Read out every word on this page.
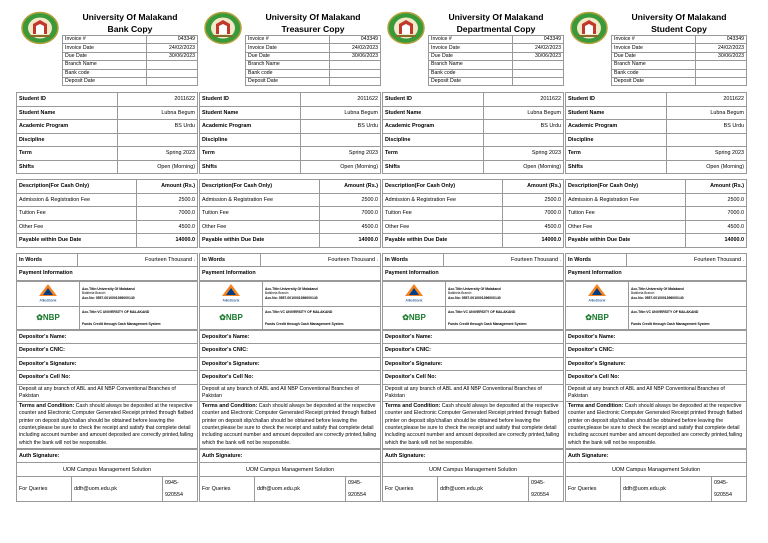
University Of Malakand
Bank Copy
Invoice #	043349
Invoice Date	24/02/2023
Due Date	30/06/2023
Branch Name	
Bank code	
Deposit Date	
Student ID	2011622
Student Name	Lubna Begum
Academic Program	BS Urdu
Discipline	
Term	Spring 2023
Shifts	Open (Morning)
Description(For Cash Only)	Amount (Rs.)
Admission & Registration Fee	2500.0
Tuition Fee	7000.0
Other Fee	4500.0
Payable within Due Date	14000.0
In Words	Fourteen Thousand .
Payment Information
AlliedBank	Acc.Title:University Of Malakand
Batkhela Branch
Acc.No: 0557-0010001396000140

✿NBP	Acc.Title:VC UNIVERSITY OF MALAKAND

Funds Credit through Cash Management System
Depositor's Name:
Depositor's CNIC:
Depositor's Signature:
Depositor's Cell No:
Deposit at any branch of ABL and All NBP Conventional Branches of Pakistan
Terms and Condition: Cash should always be deposited at the respective counter and Electronic Computer Generated Receipt printed through flatbed printer on deposit slip/challan should be obtained before leaving the counter,please be sure to check the receipt and satisfy that complete detail including account number and amount deposited are correctly printed,failing which the bank will not be responsible.
Auth Signature:
UOM Campus Management Solution
For Queries	ddfr@uom.edu.pk	0945-920554
University Of Malakand
Treasurer Copy
Invoice #	043349
Invoice Date	24/02/2023
Due Date	30/06/2023
Branch Name	
Bank code	
Deposit Date	
Student ID	2011622
Student Name	Lubna Begum
Academic Program	BS Urdu
Discipline	
Term	Spring 2023
Shifts	Open (Morning)
Description(For Cash Only)	Amount (Rs.)
Admission & Registration Fee	2500.0
Tuition Fee	7000.0
Other Fee	4500.0
Payable within Due Date	14000.0
In Words	Fourteen Thousand .
Payment Information
AlliedBank	Acc.Title:University Of Malakand
Batkhela Branch
Acc.No: 0557-0010001396000140

✿NBP	Acc.Title:VC UNIVERSITY OF MALAKAND

Funds Credit through Cash Management System
Depositor's Name:
Depositor's CNIC:
Depositor's Signature:
Depositor's Cell No:
Deposit at any branch of ABL and All NBP Conventional Branches of Pakistan
Terms and Condition: Cash should always be deposited at the respective counter and Electronic Computer Generated Receipt printed through flatbed printer on deposit slip/challan should be obtained before leaving the counter,please be sure to check the receipt and satisfy that complete detail including account number and amount deposited are correctly printed,failing which the bank will not be responsible.
Auth Signature:
UOM Campus Management Solution
For Queries	ddfr@uom.edu.pk	0945-920554
University Of Malakand
Departmental Copy
Invoice #	043349
Invoice Date	24/02/2023
Due Date	30/06/2023
Branch Name	
Bank code	
Deposit Date	
Student ID	2011622
Student Name	Lubna Begum
Academic Program	BS Urdu
Discipline	
Term	Spring 2023
Shifts	Open (Morning)
Description(For Cash Only)	Amount (Rs.)
Admission & Registration Fee	2500.0
Tuition Fee	7000.0
Other Fee	4500.0
Payable within Due Date	14000.0
In Words	Fourteen Thousand .
Payment Information
AlliedBank	Acc.Title:University Of Malakand
Batkhela Branch
Acc.No: 0557-0010001396000140

✿NBP	Acc.Title:VC UNIVERSITY OF MALAKAND

Funds Credit through Cash Management System
Depositor's Name:
Depositor's CNIC:
Depositor's Signature:
Depositor's Cell No:
Deposit at any branch of ABL and All NBP Conventional Branches of Pakistan
Terms and Condition: Cash should always be deposited at the respective counter and Electronic Computer Generated Receipt printed through flatbed printer on deposit slip/challan should be obtained before leaving the counter,please be sure to check the receipt and satisfy that complete detail including account number and amount deposited are correctly printed,failing which the bank will not be responsible.
Auth Signature:
UOM Campus Management Solution
For Queries	ddfr@uom.edu.pk	0945-920554
University Of Malakand
Student Copy
Invoice #	043349
Invoice Date	24/02/2023
Due Date	30/06/2023
Branch Name	
Bank code	
Deposit Date	
Student ID	2011622
Student Name	Lubna Begum
Academic Program	BS Urdu
Discipline	
Term	Spring 2023
Shifts	Open (Morning)
Description(For Cash Only)	Amount (Rs.)
Admission & Registration Fee	2500.0
Tuition Fee	7000.0
Other Fee	4500.0
Payable within Due Date	14000.0
In Words	Fourteen Thousand .
Payment Information
AlliedBank	Acc.Title:University Of Malakand
Batkhela Branch
Acc.No: 0557-0010001396000140

✿NBP	Acc.Title:VC UNIVERSITY OF MALAKAND

Funds Credit through Cash Management System
Depositor's Name:
Depositor's CNIC:
Depositor's Signature:
Depositor's Cell No:
Deposit at any branch of ABL and All NBP Conventional Branches of Pakistan
Terms and Condition: Cash should always be deposited at the respective counter and Electronic Computer Generated Receipt printed through flatbed printer on deposit slip/challan should be obtained before leaving the counter,please be sure to check the receipt and satisfy that complete detail including account number and amount deposited are correctly printed,failing which the bank will not be responsible.
Auth Signature:
UOM Campus Management Solution
For Queries	ddfr@uom.edu.pk	0945-920554
